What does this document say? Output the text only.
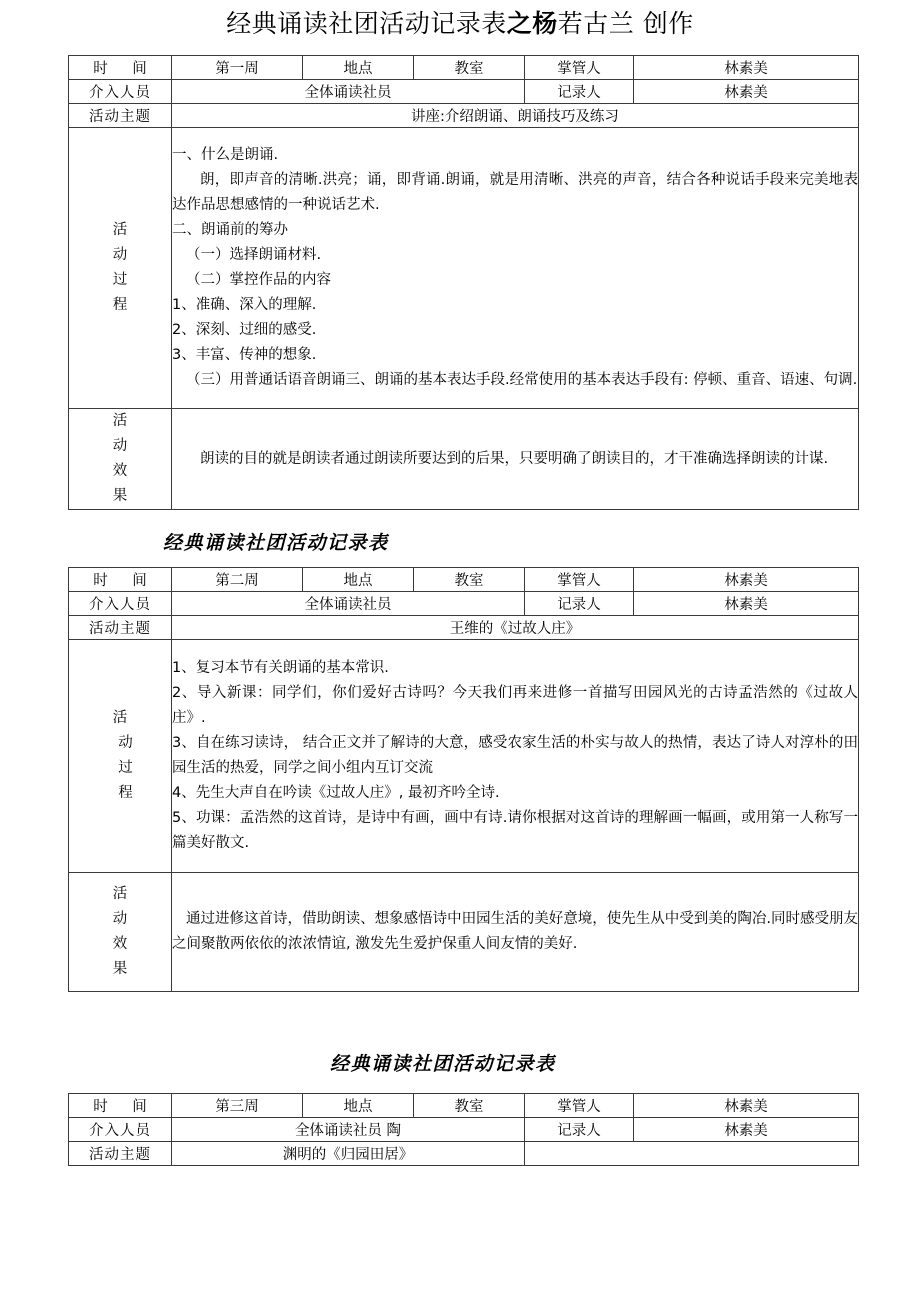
经典诵读社团活动记录表之杨若古兰 创作
时 间	第一周	地点	教室	掌管人	林素美
介入人员	全体诵读社员			记录人	林素美
活动主题	讲座:介绍朗诵、朗诵技巧及练习				

活
动
过
程

一、什么是朗诵.

朗，即声音的清晰.洪亮；诵，即背诵.朗诵，就是用清晰、洪亮的声音，结合各种说话手段来完美地表达作品思想感情的一种说话艺术.

二、朗诵前的筹办

（一）选择朗诵材料.

（二）掌控作品的内容

1、准确、深入的理解.

2、深刻、过细的感受.

3、丰富、传神的想象.

（三）用普通话语音朗诵三、朗诵的基本表达手段.经常使用的基本表达手段有: 停顿、重音、语速、句调.

活
动
效
果	朗读的目的就是朗读者通过朗读所要达到的后果，只要明确了朗读目的，才干准确选择朗读的计谋.				

经典诵读社团活动记录表
时 间	第二周	地点	教室	掌管人	林素美
介入人员	全体诵读社员			记录人	林素美
活动主题	王维的《过故人庄》				

活
动
过
程

1、复习本节有关朗诵的基本常识.

2、导入新课：同学们，你们爱好古诗吗？今天我们再来进修一首描写田园风光的古诗孟浩然的《过故人庄》.

3、自在练习读诗， 结合正文并了解诗的大意，感受农家生活的朴实与故人的热情，表达了诗人对淳朴的田园生活的热爱，同学之间小组内互订交流

4、先生大声自在吟读《过故人庄》, 最初齐吟全诗.

5、功课：孟浩然的这首诗，是诗中有画，画中有诗.请你根据对这首诗的理解画一幅画，或用第一人称写一篇美好散文.

活
动
效
果	通过进修这首诗，借助朗读、想象感悟诗中田园生活的美好意境，使先生从中受到美的陶冶.同时感受朋友之间聚散两依依的浓浓情谊, 激发先生爱护保重人间友情的美好.				

经典诵读社团活动记录表
时 间	第三周	地点	教室	掌管人	林素美
介入人员	全体诵读社员 陶			记录人	林素美
活动主题	渊明的《归园田居》				
